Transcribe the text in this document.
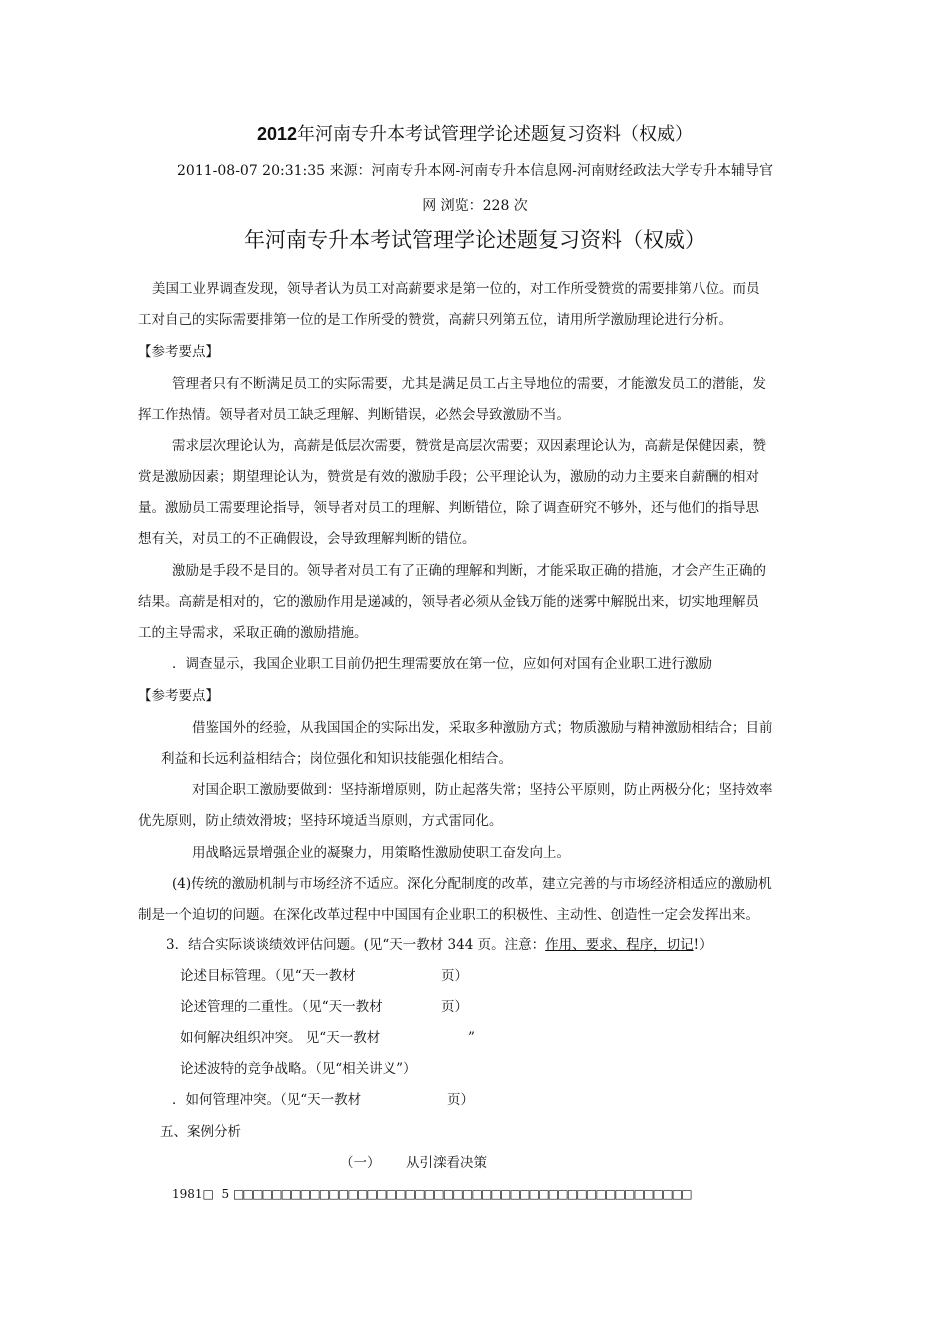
2012年河南专升本考试管理学论述题复习资料（权威）
2011-08-07 20:31:35 来源：河南专升本网-河南专升本信息网-河南财经政法大学专升本辅导官
网 浏览：228 次
年河南专升本考试管理学论述题复习资料（权威）
美国工业界调查发现，领导者认为员工对高薪要求是第一位的，对工作所受赞赏的需要排第八位。而员
工对自己的实际需要排第一位的是工作所受的赞赏，高薪只列第五位，请用所学激励理论进行分析。
【参考要点】
管理者只有不断满足员工的实际需要，尤其是满足员工占主导地位的需要，才能激发员工的潜能，发
挥工作热情。领导者对员工缺乏理解、判断错误，必然会导致激励不当。
需求层次理论认为，高薪是低层次需要，赞赏是高层次需要；双因素理论认为，高薪是保健因素，赞
赏是激励因素；期望理论认为，赞赏是有效的激励手段；公平理论认为，激励的动力主要来自薪酬的相对
量。激励员工需要理论指导，领导者对员工的理解、判断错位，除了调查研究不够外，还与他们的指导思
想有关，对员工的不正确假设，会导致理解判断的错位。
激励是手段不是目的。领导者对员工有了正确的理解和判断，才能采取正确的措施，才会产生正确的
结果。高薪是相对的，它的激励作用是递减的，领导者必须从金钱万能的迷雾中解脱出来，切实地理解员
工的主导需求，采取正确的激励措施。
．调查显示，我国企业职工目前仍把生理需要放在第一位，应如何对国有企业职工进行激励
【参考要点】
借鉴国外的经验，从我国国企的实际出发，采取多种激励方式；物质激励与精神激励相结合；目前
利益和长远利益相结合；岗位强化和知识技能强化相结合。
对国企职工激励要做到：坚持渐增原则，防止起落失常；坚持公平原则，防止两极分化；坚持效率
优先原则，防止绩效滑坡；坚持环境适当原则，方式雷同化。
用战略远景增强企业的凝聚力，用策略性激励使职工奋发向上。
(4)传统的激励机制与市场经济不适应。深化分配制度的改革，建立完善的与市场经济相适应的激励机
制是一个迫切的问题。在深化改革过程中中国国有企业职工的积极性、主动性、创造性一定会发挥出来。
3．结合实际谈谈绩效评估问题。(见“天一教材 344 页。注意：作用、要求、程序，切记!）
论述目标管理。（见“天一教材	页）
论述管理的二重性。（见“天一教材	页）
如何解决组织冲突。 见“天一教材	”
论述波特的竞争战略。（见“相关讲义”）
．如何管理冲突。（见“天一教材	页）
五、案例分析
（一） 从引滦看决策
1981□ 5 □□□□□□□□□□□□□□□□□□□□□□□□□□□□□□□□□□□□□□□□□□□□□□□□
